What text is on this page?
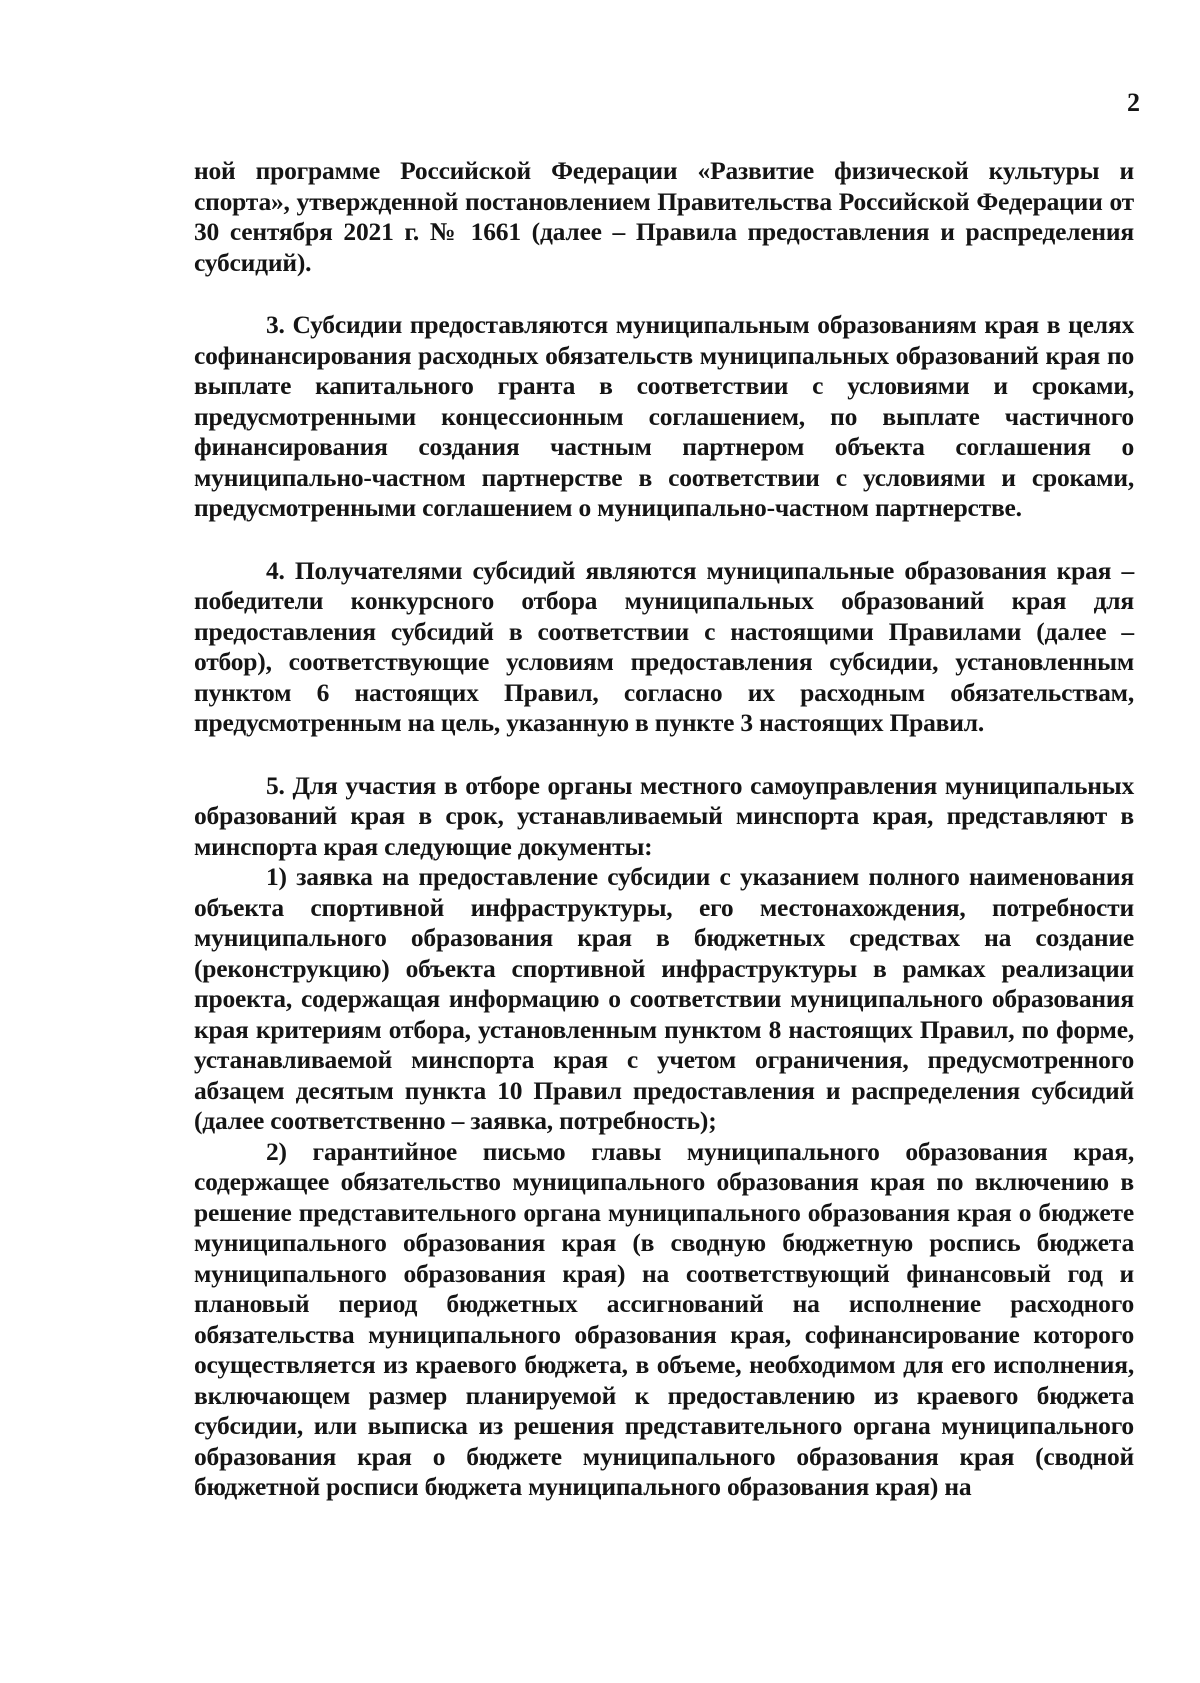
2

ной программе Российской Федерации «Развитие физической культуры и спорта», утвержденной постановлением Правительства Российской Федерации от 30 сентября 2021 г. № 1661 (далее – Правила предоставления и распределения субсидий).

3. Субсидии предоставляются муниципальным образованиям края в целях софинансирования расходных обязательств муниципальных образований края по выплате капитального гранта в соответствии с условиями и сроками, предусмотренными концессионным соглашением, по выплате частичного финансирования создания частным партнером объекта соглашения о муниципально-частном партнерстве в соответствии с условиями и сроками, предусмотренными соглашением о муниципально-частном партнерстве.

4. Получателями субсидий являются муниципальные образования края – победители конкурсного отбора муниципальных образований края для предоставления субсидий в соответствии с настоящими Правилами (далее – отбор), соответствующие условиям предоставления субсидии, установленным пунктом 6 настоящих Правил, согласно их расходным обязательствам, предусмотренным на цель, указанную в пункте 3 настоящих Правил.

5. Для участия в отборе органы местного самоуправления муниципальных образований края в срок, устанавливаемый минспорта края, представляют в минспорта края следующие документы:

1) заявка на предоставление субсидии с указанием полного наименования объекта спортивной инфраструктуры, его местонахождения, потребности муниципального образования края в бюджетных средствах на создание (реконструкцию) объекта спортивной инфраструктуры в рамках реализации проекта, содержащая информацию о соответствии муниципального образования края критериям отбора, установленным пунктом 8 настоящих Правил, по форме, устанавливаемой минспорта края с учетом ограничения, предусмотренного абзацем десятым пункта 10 Правил предоставления и распределения субсидий (далее соответственно – заявка, потребность);

2) гарантийное письмо главы муниципального образования края, содержащее обязательство муниципального образования края по включению в решение представительного органа муниципального образования края о бюджете муниципального образования края (в сводную бюджетную роспись бюджета муниципального образования края) на соответствующий финансовый год и плановый период бюджетных ассигнований на исполнение расходного обязательства муниципального образования края, софинансирование которого осуществляется из краевого бюджета, в объеме, необходимом для его исполнения, включающем размер планируемой к предоставлению из краевого бюджета субсидии, или выписка из решения представительного органа муниципального образования края о бюджете муниципального образования края (сводной бюджетной росписи бюджета муниципального образования края) на
